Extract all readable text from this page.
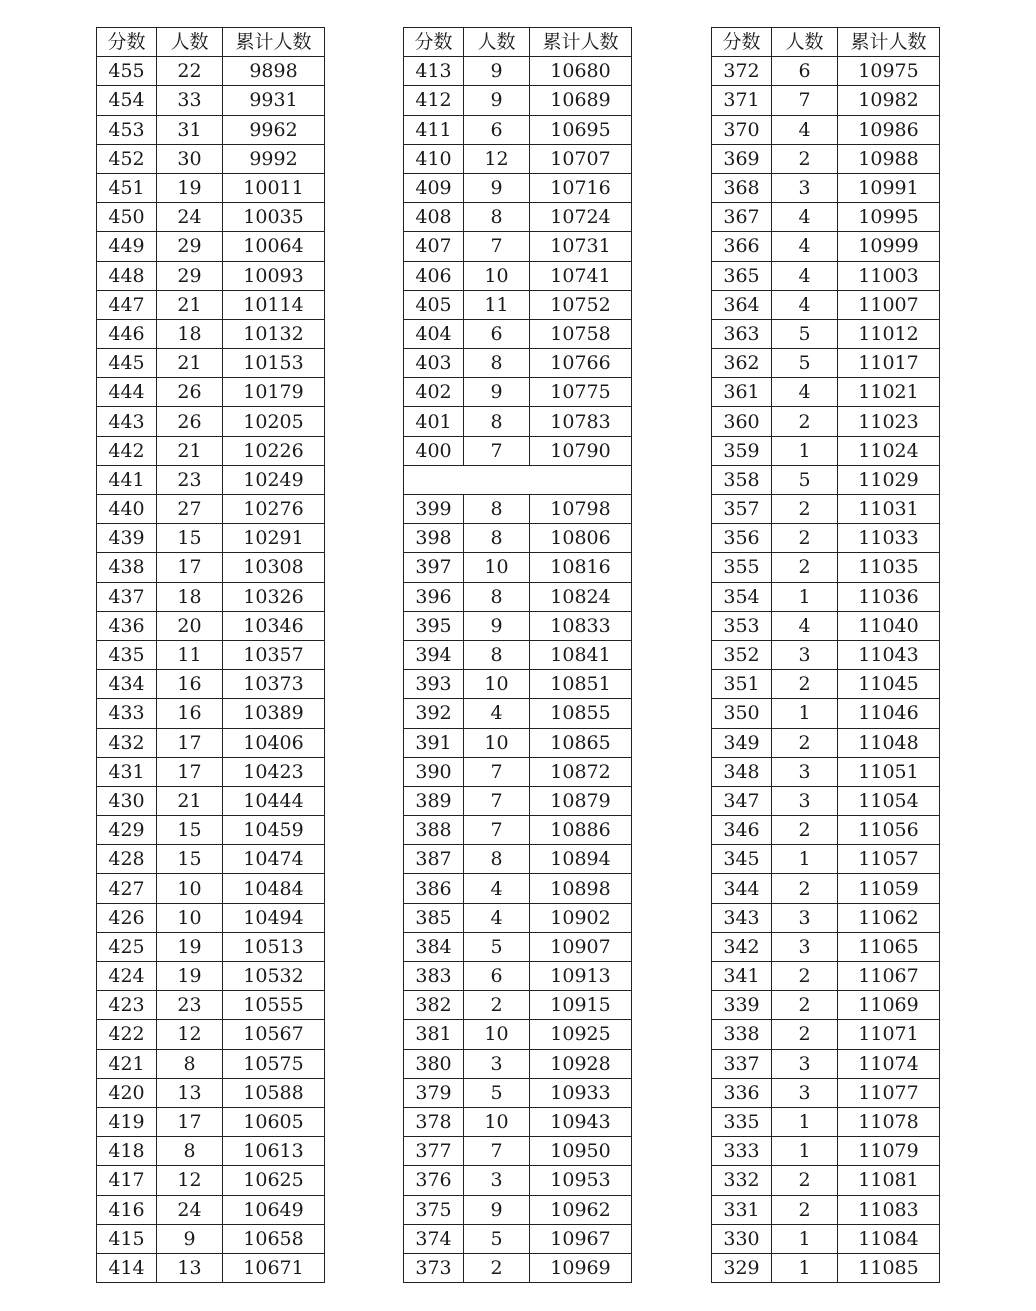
分数	人数	累计人数
455	22	9898
454	33	9931
453	31	9962
452	30	9992
451	19	10011
450	24	10035
449	29	10064
448	29	10093
447	21	10114
446	18	10132
445	21	10153
444	26	10179
443	26	10205
442	21	10226
441	23	10249
440	27	10276
439	15	10291
438	17	10308
437	18	10326
436	20	10346
435	11	10357
434	16	10373
433	16	10389
432	17	10406
431	17	10423
430	21	10444
429	15	10459
428	15	10474
427	10	10484
426	10	10494
425	19	10513
424	19	10532
423	23	10555
422	12	10567
421	8	10575
420	13	10588
419	17	10605
418	8	10613
417	12	10625
416	24	10649
415	9	10658
414	13	10671
分数	人数	累计人数
413	9	10680
412	9	10689
411	6	10695
410	12	10707
409	9	10716
408	8	10724
407	7	10731
406	10	10741
405	11	10752
404	6	10758
403	8	10766
402	9	10775
401	8	10783
400	7	10790

399	8	10798
398	8	10806
397	10	10816
396	8	10824
395	9	10833
394	8	10841
393	10	10851
392	4	10855
391	10	10865
390	7	10872
389	7	10879
388	7	10886
387	8	10894
386	4	10898
385	4	10902
384	5	10907
383	6	10913
382	2	10915
381	10	10925
380	3	10928
379	5	10933
378	10	10943
377	7	10950
376	3	10953
375	9	10962
374	5	10967
373	2	10969
分数	人数	累计人数
372	6	10975
371	7	10982
370	4	10986
369	2	10988
368	3	10991
367	4	10995
366	4	10999
365	4	11003
364	4	11007
363	5	11012
362	5	11017
361	4	11021
360	2	11023
359	1	11024
358	5	11029
357	2	11031
356	2	11033
355	2	11035
354	1	11036
353	4	11040
352	3	11043
351	2	11045
350	1	11046
349	2	11048
348	3	11051
347	3	11054
346	2	11056
345	1	11057
344	2	11059
343	3	11062
342	3	11065
341	2	11067
339	2	11069
338	2	11071
337	3	11074
336	3	11077
335	1	11078
333	1	11079
332	2	11081
331	2	11083
330	1	11084
329	1	11085
